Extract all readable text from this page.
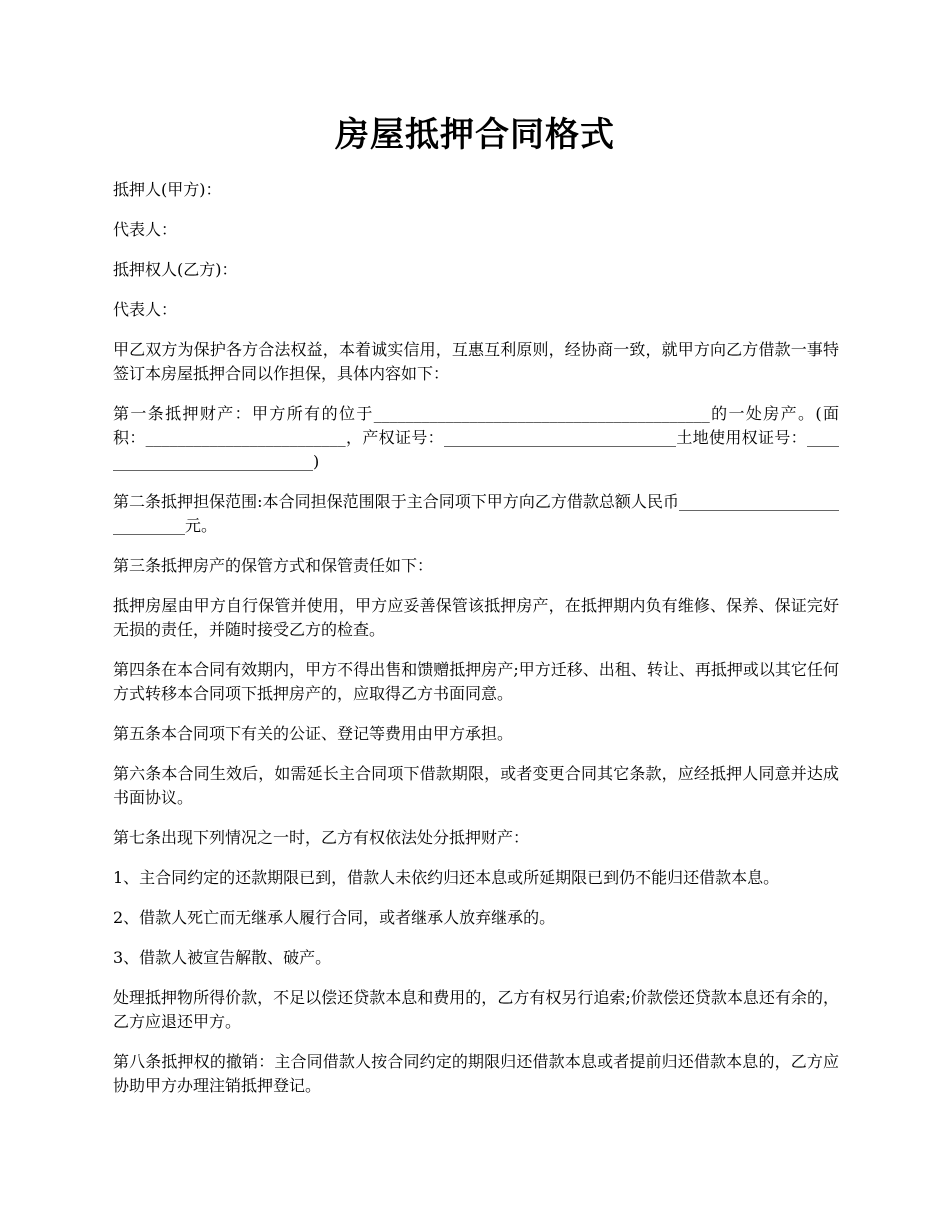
房屋抵押合同格式

抵押人(甲方)：

代表人：

抵押权人(乙方)：

代表人：

甲乙双方为保护各方合法权益，本着诚实信用，互惠互利原则，经协商一致，就甲方向乙方借款一事特签订本房屋抵押合同以作担保，具体内容如下：

第一条抵押财产：甲方所有的位于__________________________________________的一处房产。(面积：_________________________，产权证号：_____________________________土地使用权证号：_____________________________)

第二条抵押担保范围:本合同担保范围限于主合同项下甲方向乙方借款总额人民币_____________________________元。

第三条抵押房产的保管方式和保管责任如下：

抵押房屋由甲方自行保管并使用，甲方应妥善保管该抵押房产，在抵押期内负有维修、保养、保证完好无损的责任，并随时接受乙方的检查。

第四条在本合同有效期内，甲方不得出售和馈赠抵押房产;甲方迁移、出租、转让、再抵押或以其它任何方式转移本合同项下抵押房产的，应取得乙方书面同意。

第五条本合同项下有关的公证、登记等费用由甲方承担。

第六条本合同生效后，如需延长主合同项下借款期限，或者变更合同其它条款，应经抵押人同意并达成书面协议。

第七条出现下列情况之一时，乙方有权依法处分抵押财产：

1、主合同约定的还款期限已到，借款人未依约归还本息或所延期限已到仍不能归还借款本息。

2、借款人死亡而无继承人履行合同，或者继承人放弃继承的。

3、借款人被宣告解散、破产。

处理抵押物所得价款，不足以偿还贷款本息和费用的，乙方有权另行追索;价款偿还贷款本息还有余的，乙方应退还甲方。

第八条抵押权的撤销：主合同借款人按合同约定的期限归还借款本息或者提前归还借款本息的，乙方应协助甲方办理注销抵押登记。
